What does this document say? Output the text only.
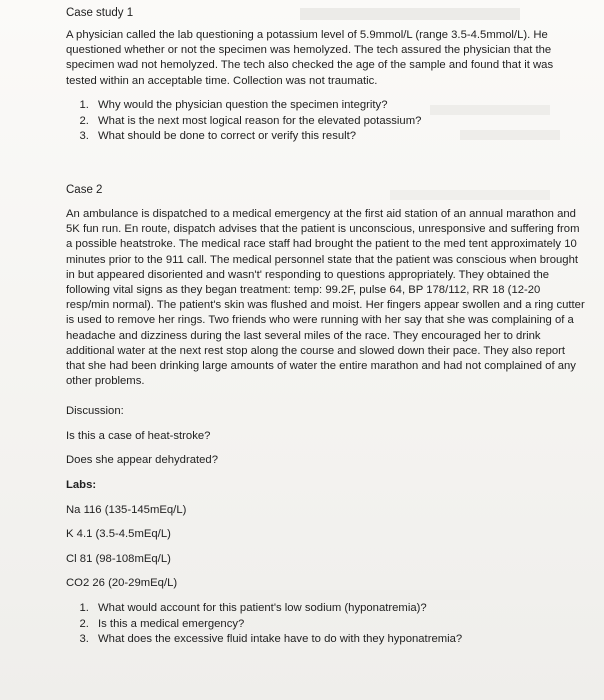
Case study 1

A physician called the lab questioning a potassium level of 5.9mmol/L (range 3.5-4.5mmol/L). He questioned whether or not the specimen was hemolyzed. The tech assured the physician that the specimen wad not hemolyzed. The tech also checked the age of the sample and found that it was tested within an acceptable time. Collection was not traumatic.

1. Why would the physician question the specimen integrity?
2. What is the next most logical reason for the elevated potassium?
3. What should be done to correct or verify this result?
Case 2

An ambulance is dispatched to a medical emergency at the first aid station of an annual marathon and 5K fun run. En route, dispatch advises that the patient is unconscious, unresponsive and suffering from a possible heatstroke. The medical race staff had brought the patient to the med tent approximately 10 minutes prior to the 911 call. The medical personnel state that the patient was conscious when brought in but appeared disoriented and wasn't' responding to questions appropriately. They obtained the following vital signs as they began treatment: temp: 99.2F, pulse 64, BP 178/112, RR 18 (12-20 resp/min normal). The patient's skin was flushed and moist. Her fingers appear swollen and a ring cutter is used to remove her rings. Two friends who were running with her say that she was complaining of a headache and dizziness during the last several miles of the race. They encouraged her to drink additional water at the next rest stop along the course and slowed down their pace. They also report that she had been drinking large amounts of water the entire marathon and had not complained of any other problems.

Discussion:
Is this a case of heat-stroke?
Does she appear dehydrated?
Labs:
Na 116 (135-145mEq/L)
K 4.1 (3.5-4.5mEq/L)
Cl 81 (98-108mEq/L)
CO2 26 (20-29mEq/L)
1. What would account for this patient's low sodium (hyponatremia)?
2. Is this a medical emergency?
3. What does the excessive fluid intake have to do with they hyponatremia?
